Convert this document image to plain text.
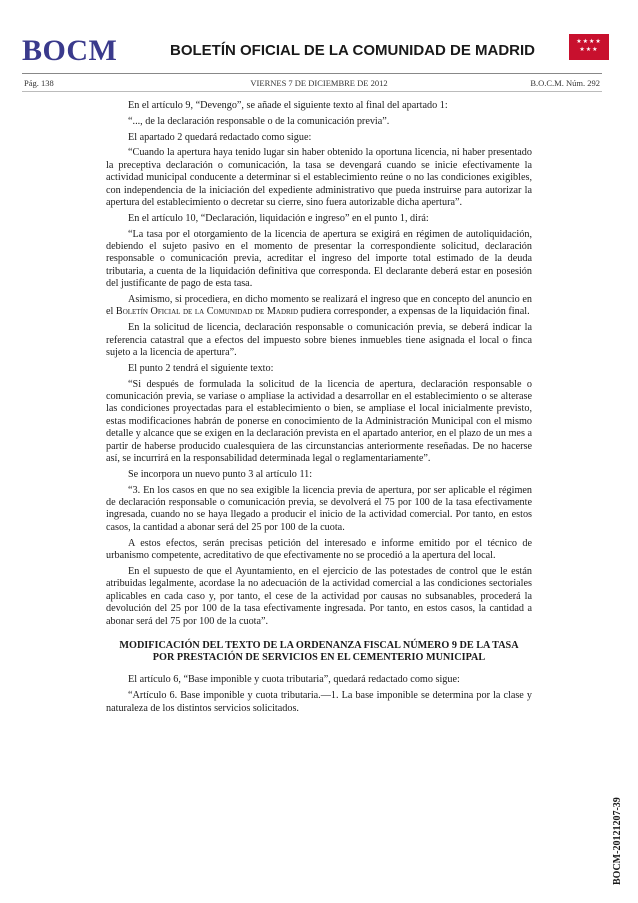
BOCM	BOLETÍN OFICIAL DE LA COMUNIDAD DE MADRID
★★★★
★★★
Pág. 138	VIERNES 7 DE DICIEMBRE DE 2012	B.O.C.M. Núm. 292

En el artículo 9, “Devengo”, se añade el siguiente texto al final del apartado 1:

“..., de la declaración responsable o de la comunicación previa”.

El apartado 2 quedará redactado como sigue:

“Cuando la apertura haya tenido lugar sin haber obtenido la oportuna licencia, ni haber presentado la preceptiva declaración o comunicación, la tasa se devengará cuando se inicie efectivamente la actividad municipal conducente a determinar si el establecimiento reúne o no las condiciones exigibles, con independencia de la iniciación del expediente administrativo que pueda instruirse para autorizar la apertura del establecimiento o decretar su cierre, sino fuera autorizable dicha apertura”.

En el artículo 10, “Declaración, liquidación e ingreso” en el punto 1, dirá:

“La tasa por el otorgamiento de la licencia de apertura se exigirá en régimen de autoliquidación, debiendo el sujeto pasivo en el momento de presentar la correspondiente solicitud, declaración responsable o comunicación previa, acreditar el ingreso del importe total estimado de la deuda tributaria, a cuenta de la liquidación definitiva que corresponda. El declarante deberá estar en posesión del justificante de pago de esta tasa.

Asimismo, si procediera, en dicho momento se realizará el ingreso que en concepto del anuncio en el Boletín Oficial de la Comunidad de Madrid pudiera corresponder, a expensas de la liquidación final.

En la solicitud de licencia, declaración responsable o comunicación previa, se deberá indicar la referencia catastral que a efectos del impuesto sobre bienes inmuebles tiene asignada el local o finca sujeto a la licencia de apertura”.

El punto 2 tendrá el siguiente texto:

“Si después de formulada la solicitud de la licencia de apertura, declaración responsable o comunicación previa, se variase o ampliase la actividad a desarrollar en el establecimiento o se alterase las condiciones proyectadas para el establecimiento o bien, se ampliase el local inicialmente previsto, estas modificaciones habrán de ponerse en conocimiento de la Administración Municipal con el mismo detalle y alcance que se exigen en la declaración prevista en el apartado anterior, en el plazo de un mes a partir de haberse producido cualesquiera de las circunstancias anteriormente reseñadas. De no hacerse así, se incurrirá en la responsabilidad determinada legal o reglamentariamente”.

Se incorpora un nuevo punto 3 al artículo 11:

“3. En los casos en que no sea exigible la licencia previa de apertura, por ser aplicable el régimen de declaración responsable o comunicación previa, se devolverá el 75 por 100 de la tasa efectivamente ingresada, cuando no se haya llegado a producir el inicio de la actividad comercial. Por tanto, en estos casos, la cantidad a abonar será del 25 por 100 de la cuota.

A estos efectos, serán precisas petición del interesado e informe emitido por el técnico de urbanismo competente, acreditativo de que efectivamente no se procedió a la apertura del local.

En el supuesto de que el Ayuntamiento, en el ejercicio de las potestades de control que le están atribuidas legalmente, acordase la no adecuación de la actividad comercial a las condiciones sectoriales aplicables en cada caso y, por tanto, el cese de la actividad por causas no subsanables, procederá la devolución del 25 por 100 de la tasa efectivamente ingresada. Por tanto, en estos casos, la cantidad a abonar será del 75 por 100 de la cuota”.

MODIFICACIÓN DEL TEXTO DE LA ORDENANZA FISCAL NÚMERO 9 DE LA TASA POR PRESTACIÓN DE SERVICIOS EN EL CEMENTERIO MUNICIPAL

El artículo 6, “Base imponible y cuota tributaria”, quedará redactado como sigue:

“Artículo 6. Base imponible y cuota tributaria.—1. La base imponible se determina por la clase y naturaleza de los distintos servicios solicitados.

BOCM-20121207-39
